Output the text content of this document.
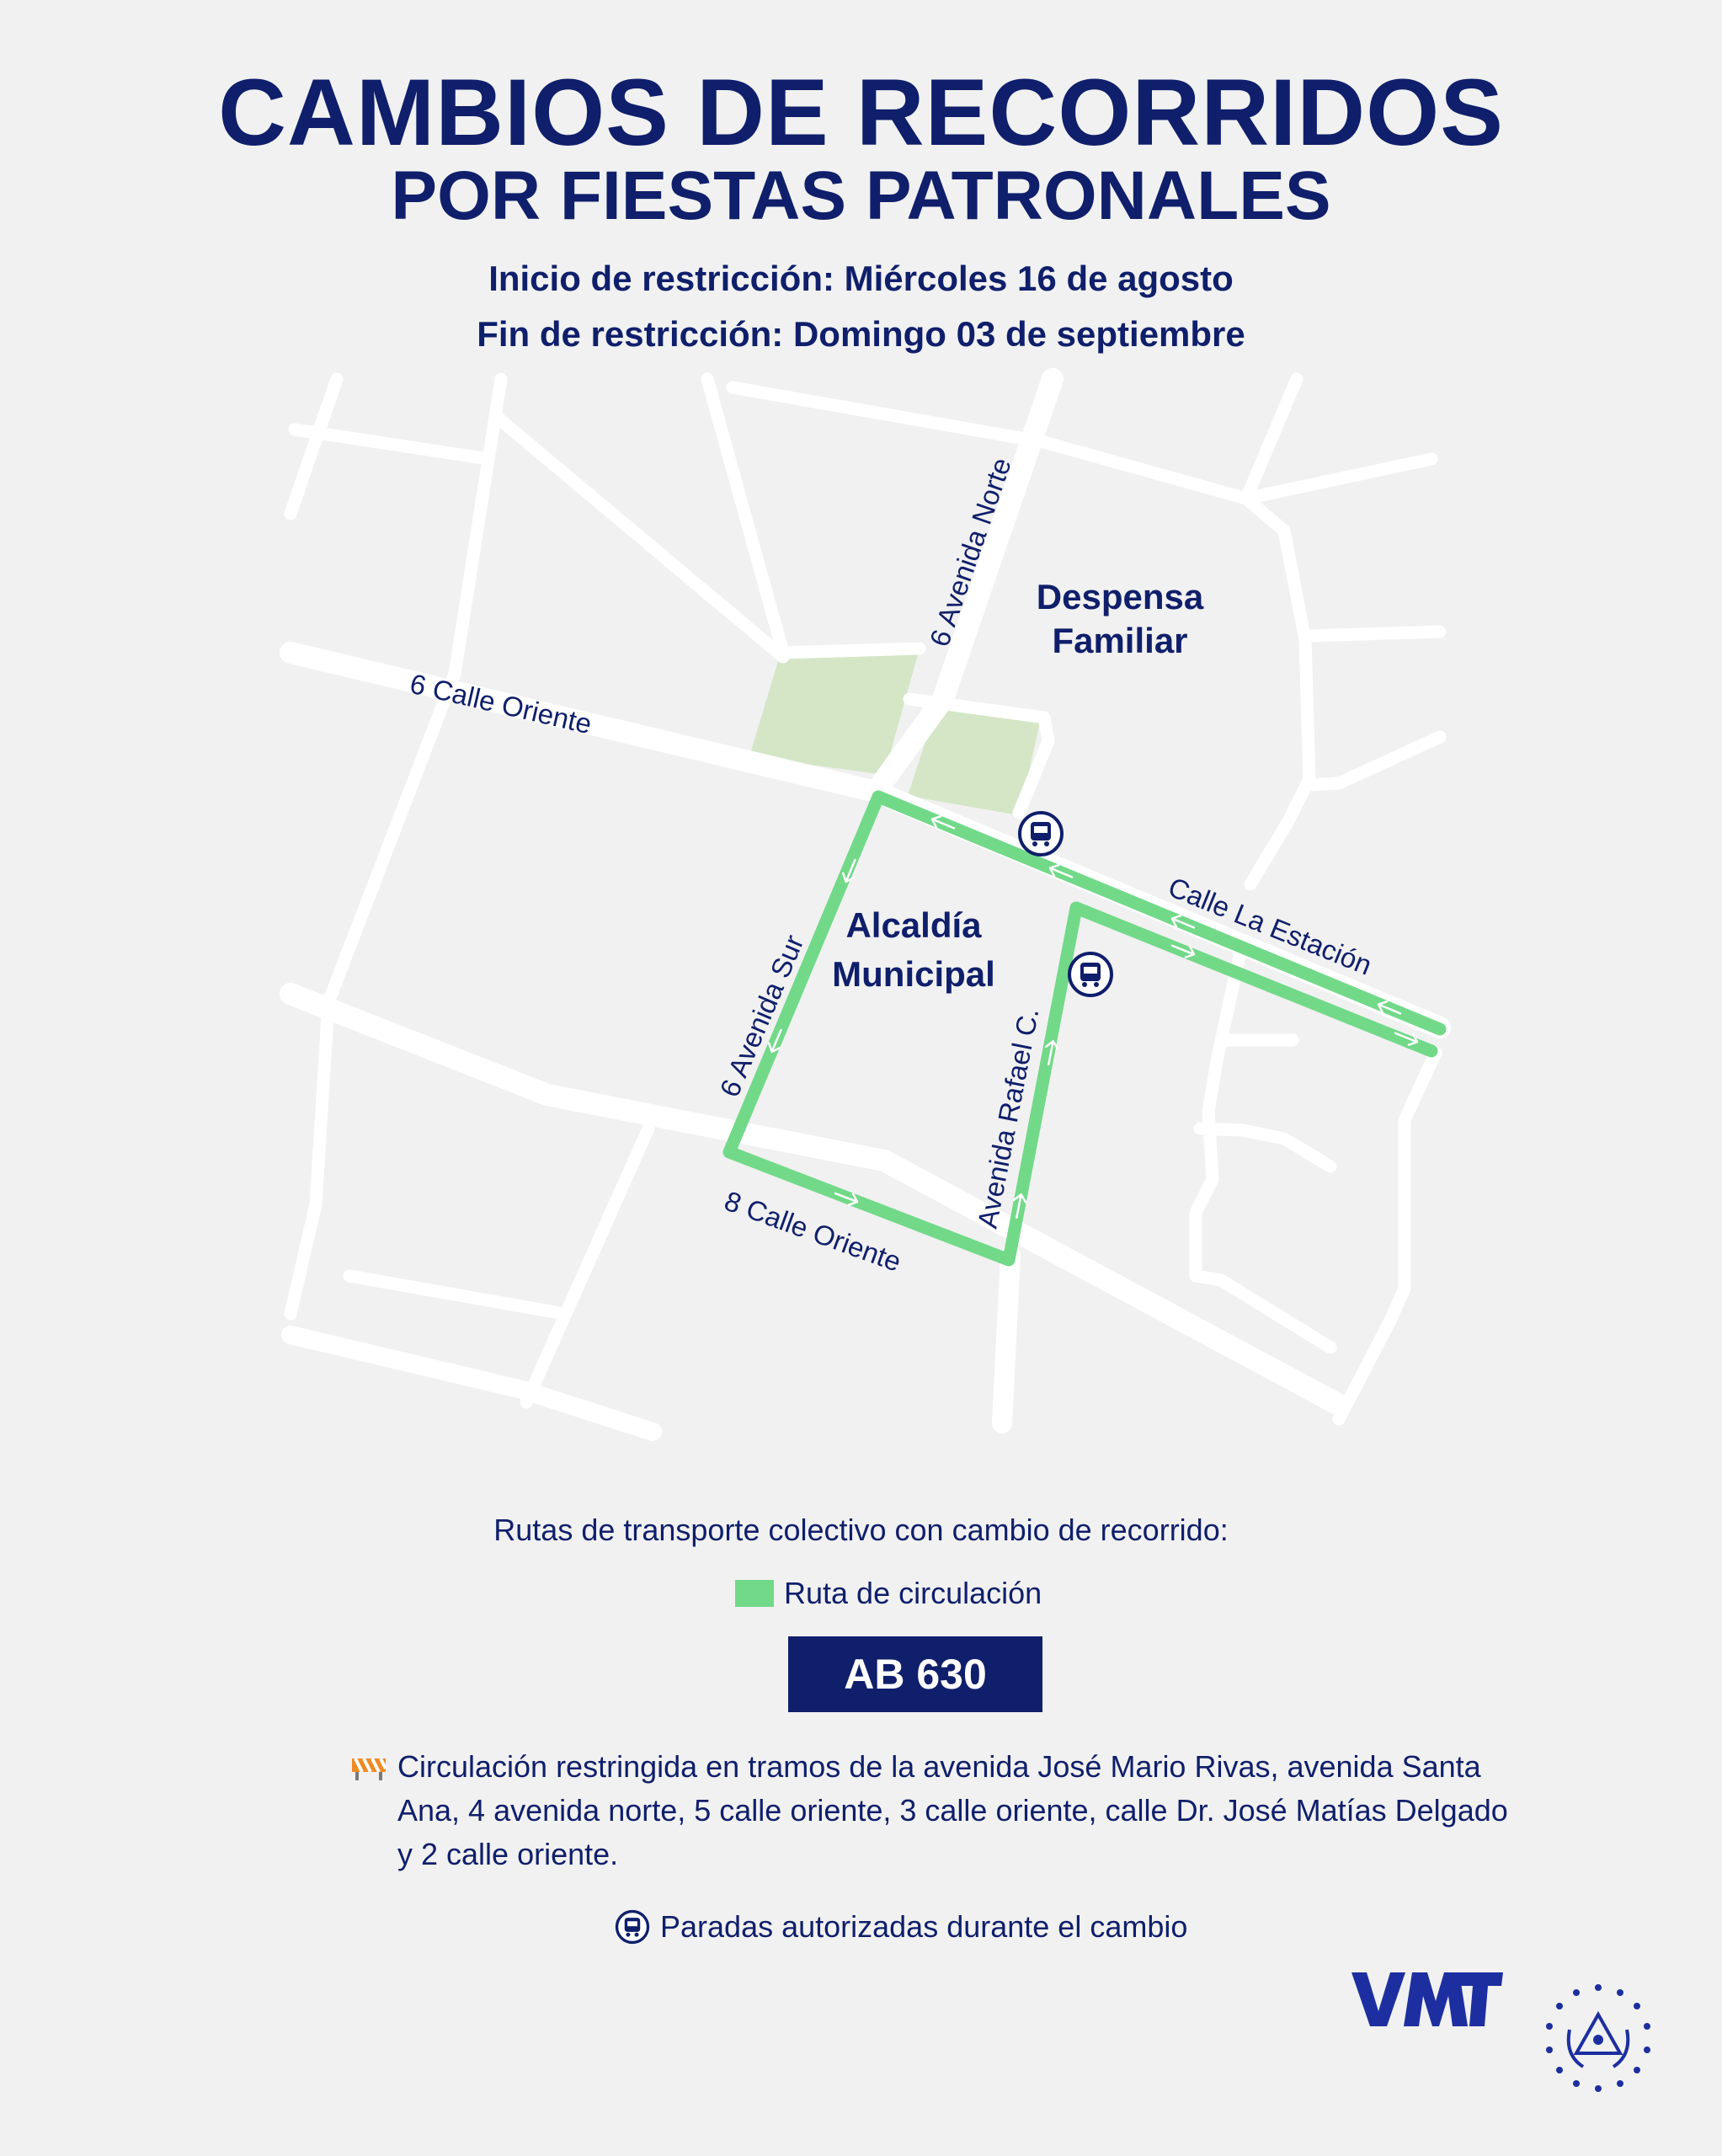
CAMBIOS DE RECORRIDOS
POR FIESTAS PATRONALES
Inicio de restricción: Miércoles 16 de agosto
Fin de restricción: Domingo 03 de septiembre
Despensa
Familiar
Alcaldía
Municipal
6 Avenida Norte
6 Calle Oriente
Calle La Estación
6 Avenida Sur	Avenida Rafael C.
8 Calle Oriente
Rutas de transporte colectivo con cambio de recorrido:
Ruta de circulación
AB 630
Circulación restringida en tramos de la avenida José Mario Rivas, avenida Santa Ana, 4 avenida norte, 5 calle oriente, 3 calle oriente, calle Dr. José Matías Delgado y 2 calle oriente.
Paradas autorizadas durante el cambio
